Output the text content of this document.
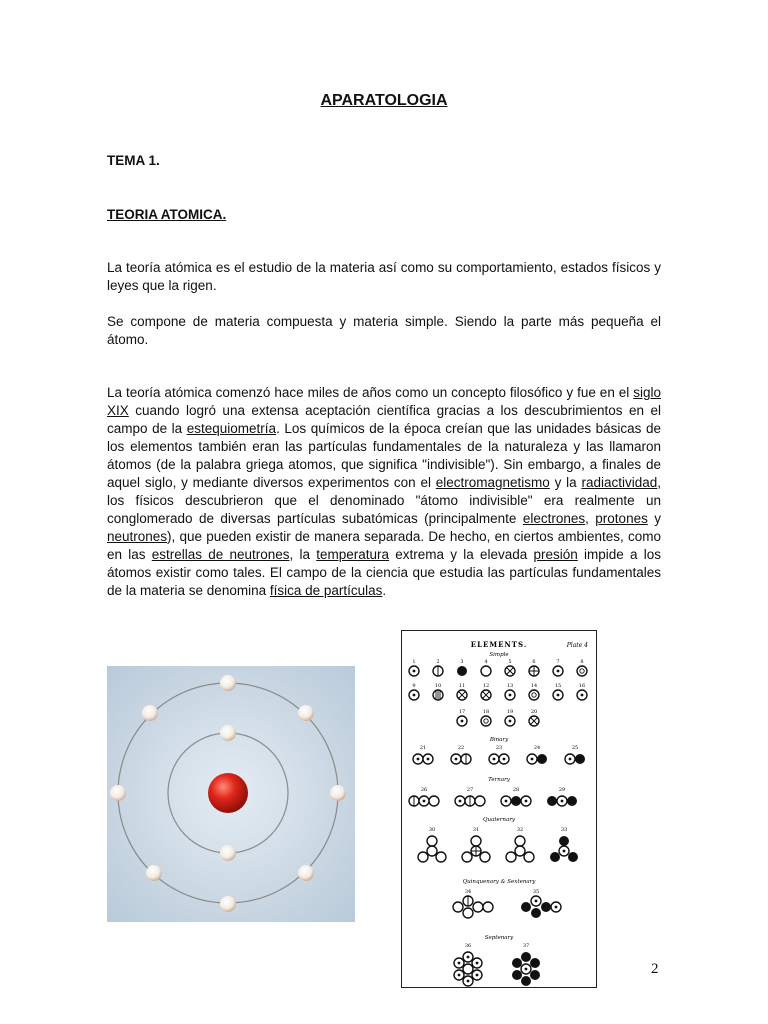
APARATOLOGIA
TEMA 1.
TEORIA ATOMICA.
La teoría atómica es el estudio de la materia así como su comportamiento, estados físicos y leyes que la rigen.
Se compone de materia compuesta y materia simple. Siendo la parte más pequeña el átomo.
La teoría atómica comenzó hace miles de años como un concepto filosófico y fue en el siglo XIX cuando logró una extensa aceptación científica gracias a los descubrimientos en el campo de la estequiometría. Los químicos de la época creían que las unidades básicas de los elementos también eran las partículas fundamentales de la naturaleza y las llamaron átomos (de la palabra griega atomos, que significa "indivisible"). Sin embargo, a finales de aquel siglo, y mediante diversos experimentos con el electromagnetismo y la radiactividad, los físicos descubrieron que el denominado "átomo indivisible" era realmente un conglomerado de diversas partículas subatómicas (principalmente electrones, protones y neutrones), que pueden existir de manera separada. De hecho, en ciertos ambientes, como en las estrellas de neutrones, la temperatura extrema y la elevada presión impide a los átomos existir como tales. El campo de la ciencia que estudia las partículas fundamentales de la materia se denomina física de partículas.
ELEMENTS.	Plate 4
Simple
1	2	3	4	5	6	7	8
9	10	11	12	13	14	15	16
17	18	19	20
Binary
21	22	23	24	25
Ternary
26	27	28	29
Quaternary
30	31	32	33
Quinquenary & Sextenary
34	35
Septenary
36	37
2
